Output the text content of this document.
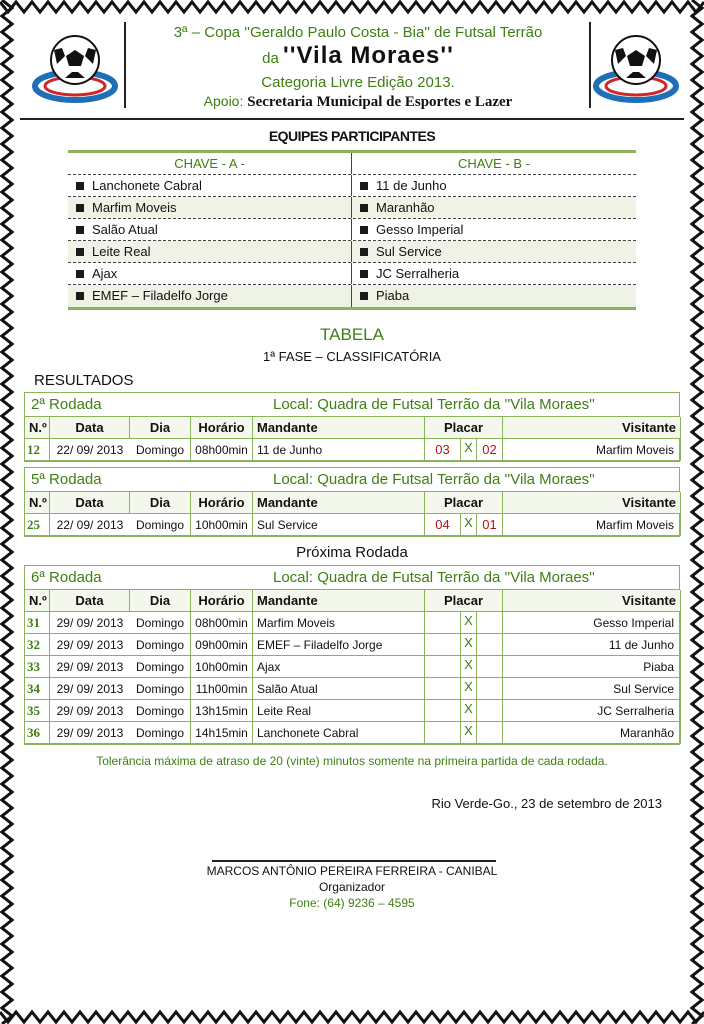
3ª – Copa ''Geraldo Paulo Costa - Bia'' de Futsal Terrão
da ''Vila Moraes''
Categoria Livre Edição 2013.
Apoio: Secretaria Municipal de Esportes e Lazer
EQUIPES PARTICIPANTES
CHAVE - A -	CHAVE - B -
Lanchonete Cabral	11 de Junho
Marfim Moveis	Maranhão
Salão Atual	Gesso Imperial
Leite Real	Sul Service
Ajax	JC Serralheria
EMEF – Filadelfo Jorge	Piaba
TABELA
1ª FASE – CLASSIFICATÓRIA
RESULTADOS
2ª Rodada	Local: Quadra de Futsal Terrão da ''Vila Moraes''
N.º	Data	Dia	Horário Mandante	Placar	Visitante
12	22/ 09/ 2013	Domingo 08h00min 11 de Junho	03	X 02	Marfim Moveis
5ª Rodada	Local: Quadra de Futsal Terrão da ''Vila Moraes''
N.º	Data	Dia	Horário Mandante	Placar	Visitante
25	22/ 09/ 2013	Domingo 10h00min Sul Service	04	X 01	Marfim Moveis
Próxima Rodada
6ª Rodada	Local: Quadra de Futsal Terrão da ''Vila Moraes''
N.º	Data	Dia	Horário Mandante	Placar	Visitante
31	29/ 09/ 2013	Domingo 08h00min Marfim Moveis	X	Gesso Imperial
32	29/ 09/ 2013	Domingo 09h00min EMEF – Filadelfo Jorge	X	11 de Junho
33	29/ 09/ 2013	Domingo 10h00min Ajax	X	Piaba
34	29/ 09/ 2013	Domingo 11h00min Salão Atual	X	Sul Service
35	29/ 09/ 2013	Domingo 13h15min Leite Real	X	JC Serralheria
36	29/ 09/ 2013	Domingo 14h15min Lanchonete Cabral	X	Maranhão
Tolerância máxima de atraso de 20 (vinte) minutos somente na primeira partida de cada rodada.
Rio Verde-Go., 23 de setembro de 2013
MARCOS ANTÔNIO PEREIRA FERREIRA - CANIBAL
Organizador
Fone: (64) 9236 – 4595
